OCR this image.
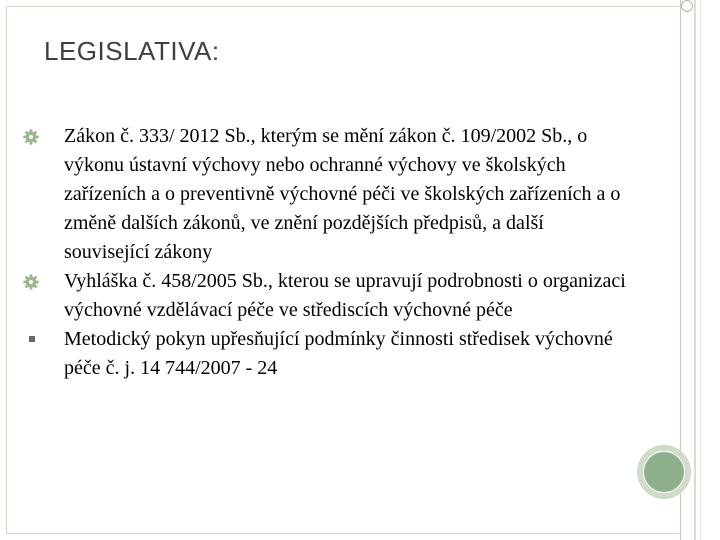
LEGISLATIVA:
Zákon č. 333/ 2012 Sb., kterým se mění zákon č. 109/2002 Sb., o výkonu ústavní výchovy nebo ochranné výchovy ve školských zařízeních a o preventivně výchovné péči ve školských zařízeních a o změně dalších zákonů, ve znění pozdějších předpisů, a další související zákony
Vyhláška č. 458/2005 Sb., kterou se upravují podrobnosti o organizaci výchovné vzdělávací péče ve střediscích výchovné péče
Metodický pokyn upřesňující podmínky činnosti středisek výchovné péče č. j. 14 744/2007 - 24
